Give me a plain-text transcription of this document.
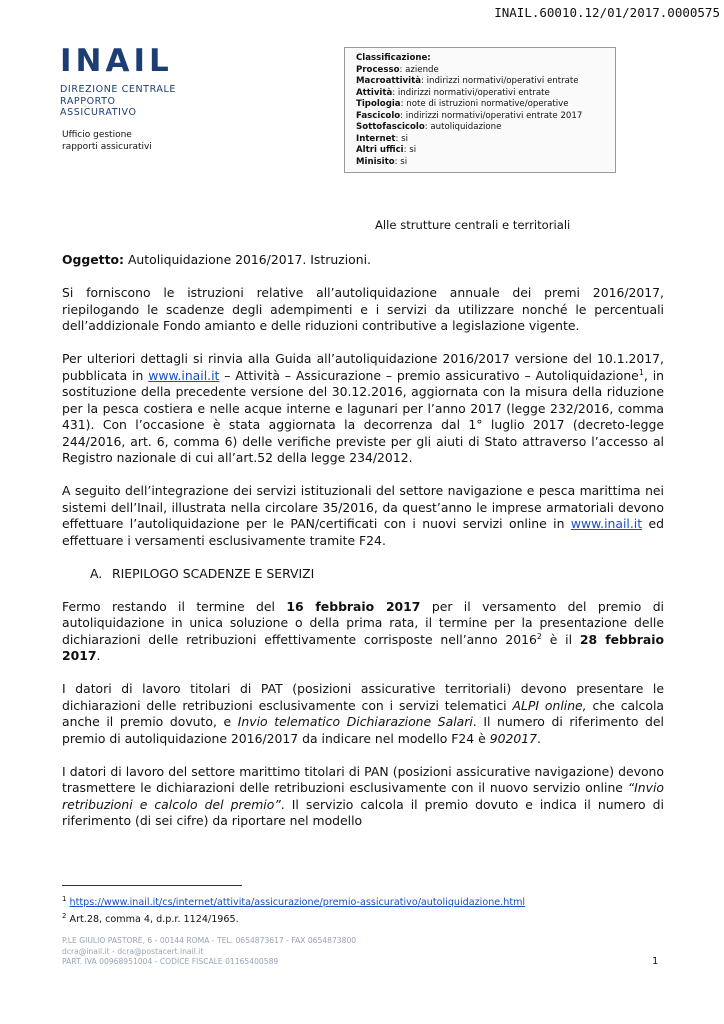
INAIL.60010.12/01/2017.0000575
INAIL
DIREZIONE CENTRALE
RAPPORTO
ASSICURATIVO
Ufficio gestione
rapporti assicurativi
Classificazione:
Processo: aziende
Macroattività: indirizzi normativi/operativi entrate
Attività: indirizzi normativi/operativi entrate
Tipologia: note di istruzioni normative/operative
Fascicolo: indirizzi normativi/operativi entrate 2017
Sottofascicolo: autoliquidazione
Internet: si
Altri uffici: si
Minisito: si
Alle strutture centrali e territoriali

Oggetto: Autoliquidazione 2016/2017. Istruzioni.

Si forniscono le istruzioni relative all’autoliquidazione annuale dei premi 2016/2017, riepilogando le scadenze degli adempimenti e i servizi da utilizzare nonché le percentuali dell’addizionale Fondo amianto e delle riduzioni contributive a legislazione vigente.

Per ulteriori dettagli si rinvia alla Guida all’autoliquidazione 2016/2017 versione del 10.1.2017, pubblicata in www.inail.it – Attività – Assicurazione – premio assicurativo – Autoliquidazione$^1$, in sostituzione della precedente versione del 30.12.2016, aggiornata con la misura della riduzione per la pesca costiera e nelle acque interne e lagunari per l’anno 2017 (legge 232/2016, comma 431). Con l’occasione è stata aggiornata la decorrenza dal 1° luglio 2017 (decreto-legge 244/2016, art. 6, comma 6) delle verifiche previste per gli aiuti di Stato attraverso l’accesso al Registro nazionale di cui all’art.52 della legge 234/2012.

A seguito dell’integrazione dei servizi istituzionali del settore navigazione e pesca marittima nei sistemi dell’Inail, illustrata nella circolare 35/2016, da quest’anno le imprese armatoriali devono effettuare l’autoliquidazione per le PAN/certificati con i nuovi servizi online in www.inail.it ed effettuare i versamenti esclusivamente tramite F24.

A. RIEPILOGO SCADENZE E SERVIZI

Fermo restando il termine del 16 febbraio 2017 per il versamento del premio di autoliquidazione in unica soluzione o della prima rata, il termine per la presentazione delle dichiarazioni delle retribuzioni effettivamente corrisposte nell’anno 2016$^2$ è il 28 febbraio 2017.

I datori di lavoro titolari di PAT (posizioni assicurative territoriali) devono presentare le dichiarazioni delle retribuzioni esclusivamente con i servizi telematici ALPI online, che calcola anche il premio dovuto, e Invio telematico Dichiarazione Salari. Il numero di riferimento del premio di autoliquidazione 2016/2017 da indicare nel modello F24 è 902017.

I datori di lavoro del settore marittimo titolari di PAN (posizioni assicurative navigazione) devono trasmettere le dichiarazioni delle retribuzioni esclusivamente con il nuovo servizio online “Invio retribuzioni e calcolo del premio”. Il servizio calcola il premio dovuto e indica il numero di riferimento (di sei cifre) da riportare nel modello

$^1$ https://www.inail.it/cs/internet/attivita/assicurazione/premio-assicurativo/autoliquidazione.html
$^2$ Art.28, comma 4, d.p.r. 1124/1965.
P.LE GIULIO PASTORE, 6 - 00144 ROMA - TEL. 0654873617 - FAX 0654873800
dcra@inail.it - dcra@postacert.inail.it
PART. IVA 00968951004 - CODICE FISCALE 01165400589	1
